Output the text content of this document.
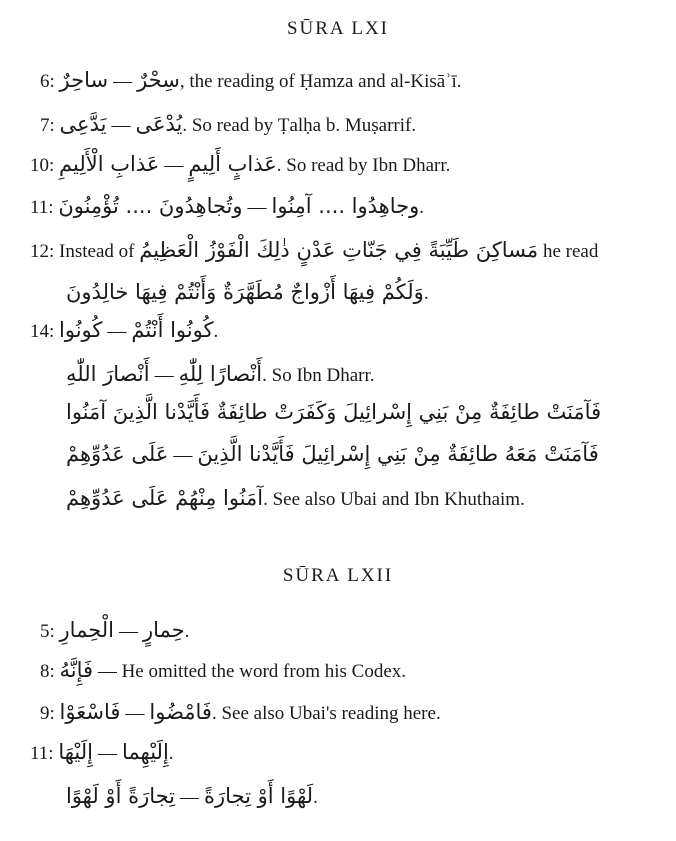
SŪRA LXI
6: ساحِرٌ — سِحْرٌ, the reading of Ḥamza and al-Kisāʾī.
7: يَدَّعِى — يُدْعَى. So read by Ṭalḥa b. Muṣarrif.
10: عَذابِ الْأَلِيمِ — عَذابٍ أَلِيمٍ. So read by Ibn Dharr.
11: وتُجاهِدُونَ .... تُؤْمِنُونَ — وجاهِدُوا .... آمِنُوا.
12: Instead of مَساكِنَ طَيِّبَةً فِي جَنّاتِ عَدْنٍ ذٰلِكَ الْفَوْزُ الْعَظِيمُ he read
وَلَكُمْ فِيهَا أَزْواجٌ مُطَهَّرَةٌ وَأَنْتُمْ فِيهَا خالِدُونَ.
14: كُونُوا — كُونُوا أَنْتُمْ.
أَنْصارَ اللّٰهِ — أَنْصارًا لِلّٰهِ. So Ibn Dharr.
فَآمَنَتْ طائِفَةٌ مِنْ بَنِي إِسْرائِيلَ وَكَفَرَتْ طائِفَةٌ فَأَيَّدْنا الَّذِينَ آمَنُوا
عَلَى عَدُوِّهِمْ — فَآمَنَتْ مَعَهُ طائِفَةٌ مِنْ بَنِي إِسْرائِيلَ فَأَيَّدْنا الَّذِينَ
آمَنُوا مِنْهُمْ عَلَى عَدُوِّهِمْ. See also Ubai and Ibn Khuthaim.
SŪRA LXII
5: الْحِمارِ — حِمارٍ.
8: فَإِنَّهُ — He omitted the word from his Codex.
9: فَاسْعَوْا — فَامْضُوا. See also Ubai's reading here.
11: إِلَيْهَا — إِلَيْهِما.
تِجارَةً أَوْ لَهْوًا — لَهْوًا أَوْ تِجارَةً.
